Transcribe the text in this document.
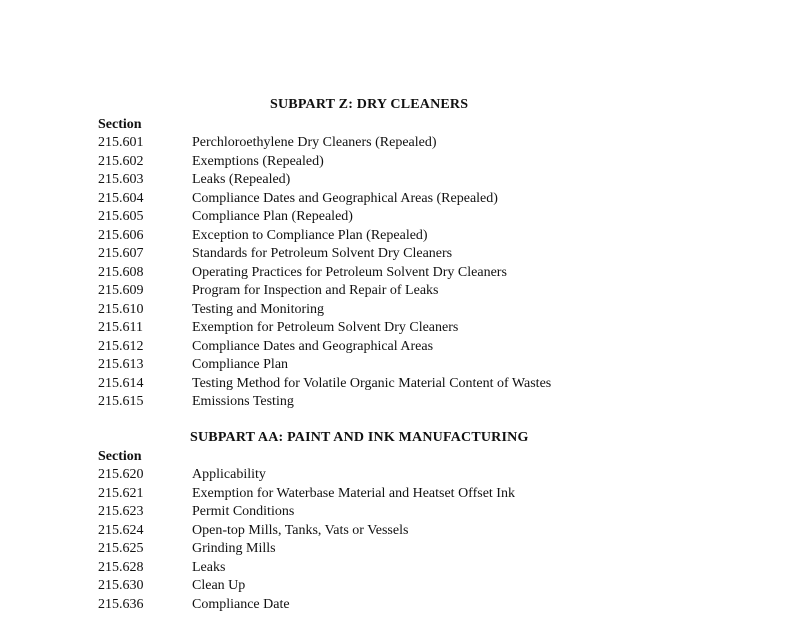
SUBPART Z: DRY CLEANERS
Section
215.601	Perchloroethylene Dry Cleaners (Repealed)
215.602	Exemptions (Repealed)
215.603	Leaks (Repealed)
215.604	Compliance Dates and Geographical Areas (Repealed)
215.605	Compliance Plan (Repealed)
215.606	Exception to Compliance Plan (Repealed)
215.607	Standards for Petroleum Solvent Dry Cleaners
215.608	Operating Practices for Petroleum Solvent Dry Cleaners
215.609	Program for Inspection and Repair of Leaks
215.610	Testing and Monitoring
215.611	Exemption for Petroleum Solvent Dry Cleaners
215.612	Compliance Dates and Geographical Areas
215.613	Compliance Plan
215.614	Testing Method for Volatile Organic Material Content of Wastes
215.615	Emissions Testing
SUBPART AA: PAINT AND INK MANUFACTURING
Section
215.620	Applicability
215.621	Exemption for Waterbase Material and Heatset Offset Ink
215.623	Permit Conditions
215.624	Open-top Mills, Tanks, Vats or Vessels
215.625	Grinding Mills
215.628	Leaks
215.630	Clean Up
215.636	Compliance Date
